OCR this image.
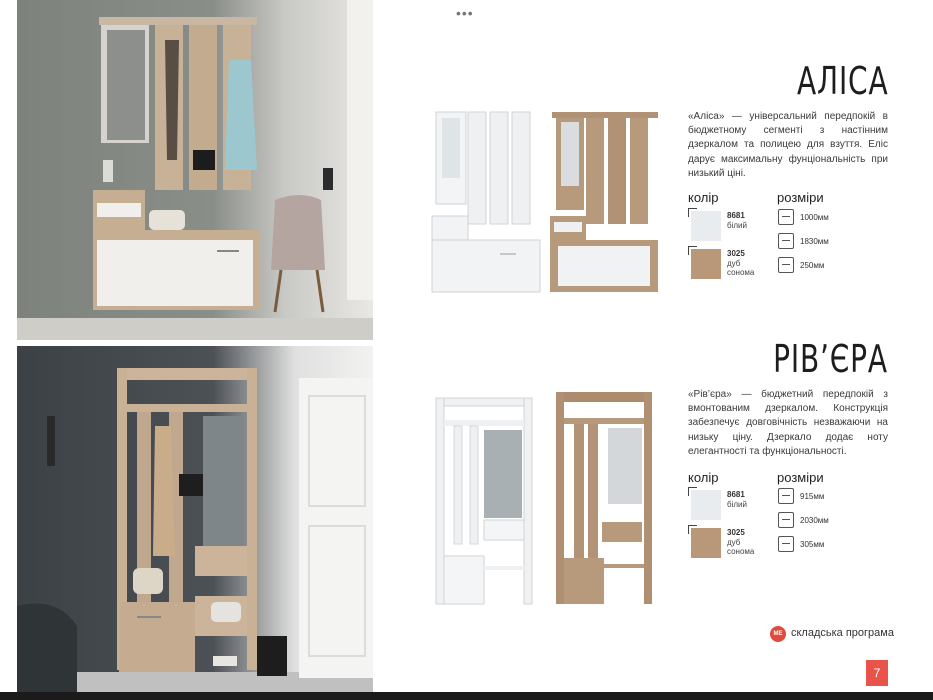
•••
АЛІСА

«Аліса» — універсальний передпокій в бюджетному сегменті з настінним дзеркалом та полицею для взуття. Еліс дарує максимальну фунціональність при низький ціні.

колір	розміри
8681
білий
3025
дуб сонома
1000мм
1830мм
250мм
РІВ’ЄРА

«Рів’єра» — бюджетний передпокій з вмонтованим дзеркалом. Конструкція забезпечує довговічність незважаючи на низьку ціну. Дзеркало додає ноту елегантності та функціональності.

колір	розміри
8681
білий
3025
дуб сонома
915мм
2030мм
305мм
МЕ складська програма
7
